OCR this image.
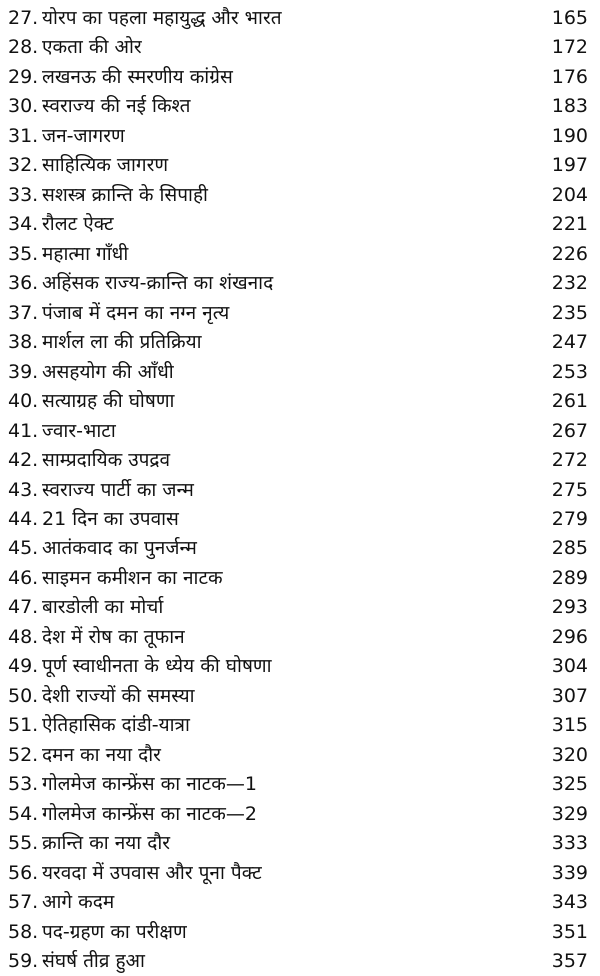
27. योरप का पहला महायुद्ध और भारत	165
28. एकता की ओर	172
29. लखनऊ की स्मरणीय कांग्रेस	176
30. स्वराज्य की नई किश्त	183
31. जन-जागरण	190
32. साहित्यिक जागरण	197
33. सशस्त्र क्रान्ति के सिपाही	204
34. रौलट ऐक्ट	221
35. महात्मा गाँधी	226
36. अहिंसक राज्य-क्रान्ति का शंखनाद	232
37. पंजाब में दमन का नग्न नृत्य	235
38. मार्शल ला की प्रतिक्रिया	247
39. असहयोग की आँधी	253
40. सत्याग्रह की घोषणा	261
41. ज्वार-भाटा	267
42. साम्प्रदायिक उपद्रव	272
43. स्वराज्य पार्टी का जन्म	275
44. 21 दिन का उपवास	279
45. आतंकवाद का पुनर्जन्म	285
46. साइमन कमीशन का नाटक	289
47. बारडोली का मोर्चा	293
48. देश में रोष का तूफान	296
49. पूर्ण स्वाधीनता के ध्येय की घोषणा	304
50. देशी राज्यों की समस्या	307
51. ऐतिहासिक दांडी-यात्रा	315
52. दमन का नया दौर	320
53. गोलमेज कान्फ्रेंस का नाटक—1	325
54. गोलमेज कान्फ्रेंस का नाटक—2	329
55. क्रान्ति का नया दौर	333
56. यरवदा में उपवास और पूना पैक्ट	339
57. आगे कदम	343
58. पद-ग्रहण का परीक्षण	351
59. संघर्ष तीव्र हुआ	357
